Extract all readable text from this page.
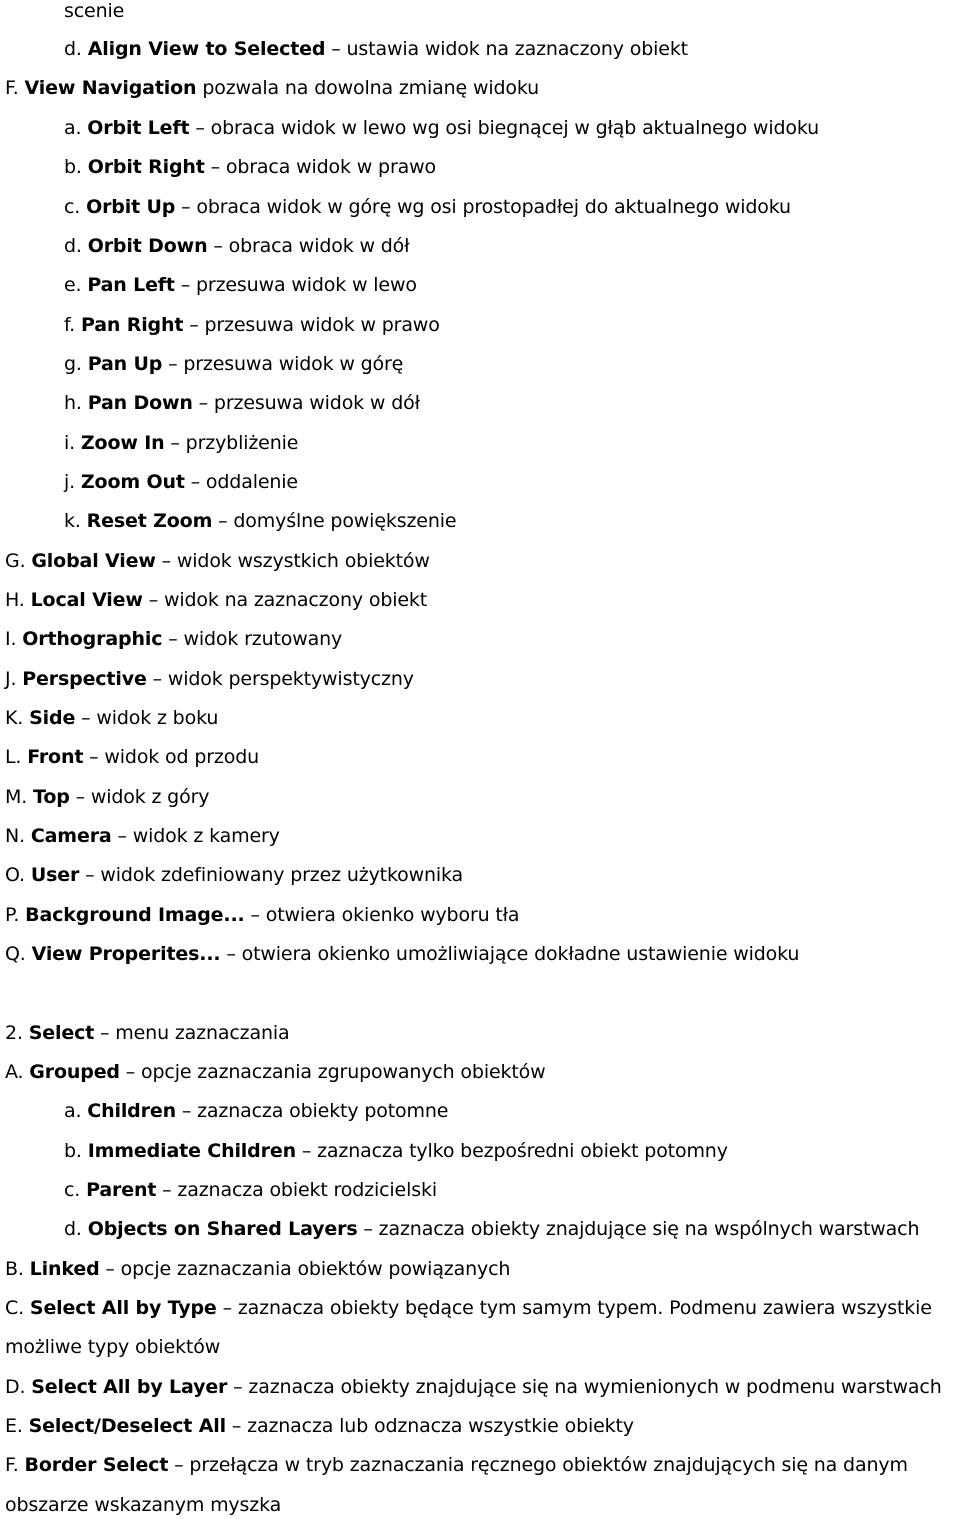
scenie
d. Align View to Selected – ustawia widok na zaznaczony obiekt
F. View Navigation pozwala na dowolna zmianę widoku
a. Orbit Left – obraca widok w lewo wg osi biegnącej w głąb aktualnego widoku
b. Orbit Right – obraca widok w prawo
c. Orbit Up – obraca widok w górę wg osi prostopadłej do aktualnego widoku
d. Orbit Down – obraca widok w dół
e. Pan Left – przesuwa widok w lewo
f. Pan Right – przesuwa widok w prawo
g. Pan Up – przesuwa widok w górę
h. Pan Down – przesuwa widok w dół
i. Zoow In – przybliżenie
j. Zoom Out – oddalenie
k. Reset Zoom – domyślne powiększenie
G. Global View – widok wszystkich obiektów
H. Local View – widok na zaznaczony obiekt
I. Orthographic – widok rzutowany
J. Perspective – widok perspektywistyczny
K. Side – widok z boku
L. Front – widok od przodu
M. Top – widok z góry
N. Camera – widok z kamery
O. User – widok zdefiniowany przez użytkownika
P. Background Image... – otwiera okienko wyboru tła
Q. View Properites... – otwiera okienko umożliwiające dokładne ustawienie widoku
2. Select – menu zaznaczania
A. Grouped – opcje zaznaczania zgrupowanych obiektów
a. Children – zaznacza obiekty potomne
b. Immediate Children – zaznacza tylko bezpośredni obiekt potomny
c. Parent – zaznacza obiekt rodzicielski
d. Objects on Shared Layers – zaznacza obiekty znajdujące się na wspólnych warstwach
B. Linked – opcje zaznaczania obiektów powiązanych
C. Select All by Type – zaznacza obiekty będące tym samym typem. Podmenu zawiera wszystkie
możliwe typy obiektów
D. Select All by Layer – zaznacza obiekty znajdujące się na wymienionych w podmenu warstwach
E. Select/Deselect All – zaznacza lub odznacza wszystkie obiekty
F. Border Select – przełącza w tryb zaznaczania ręcznego obiektów znajdujących się na danym
obszarze wskazanym myszka
